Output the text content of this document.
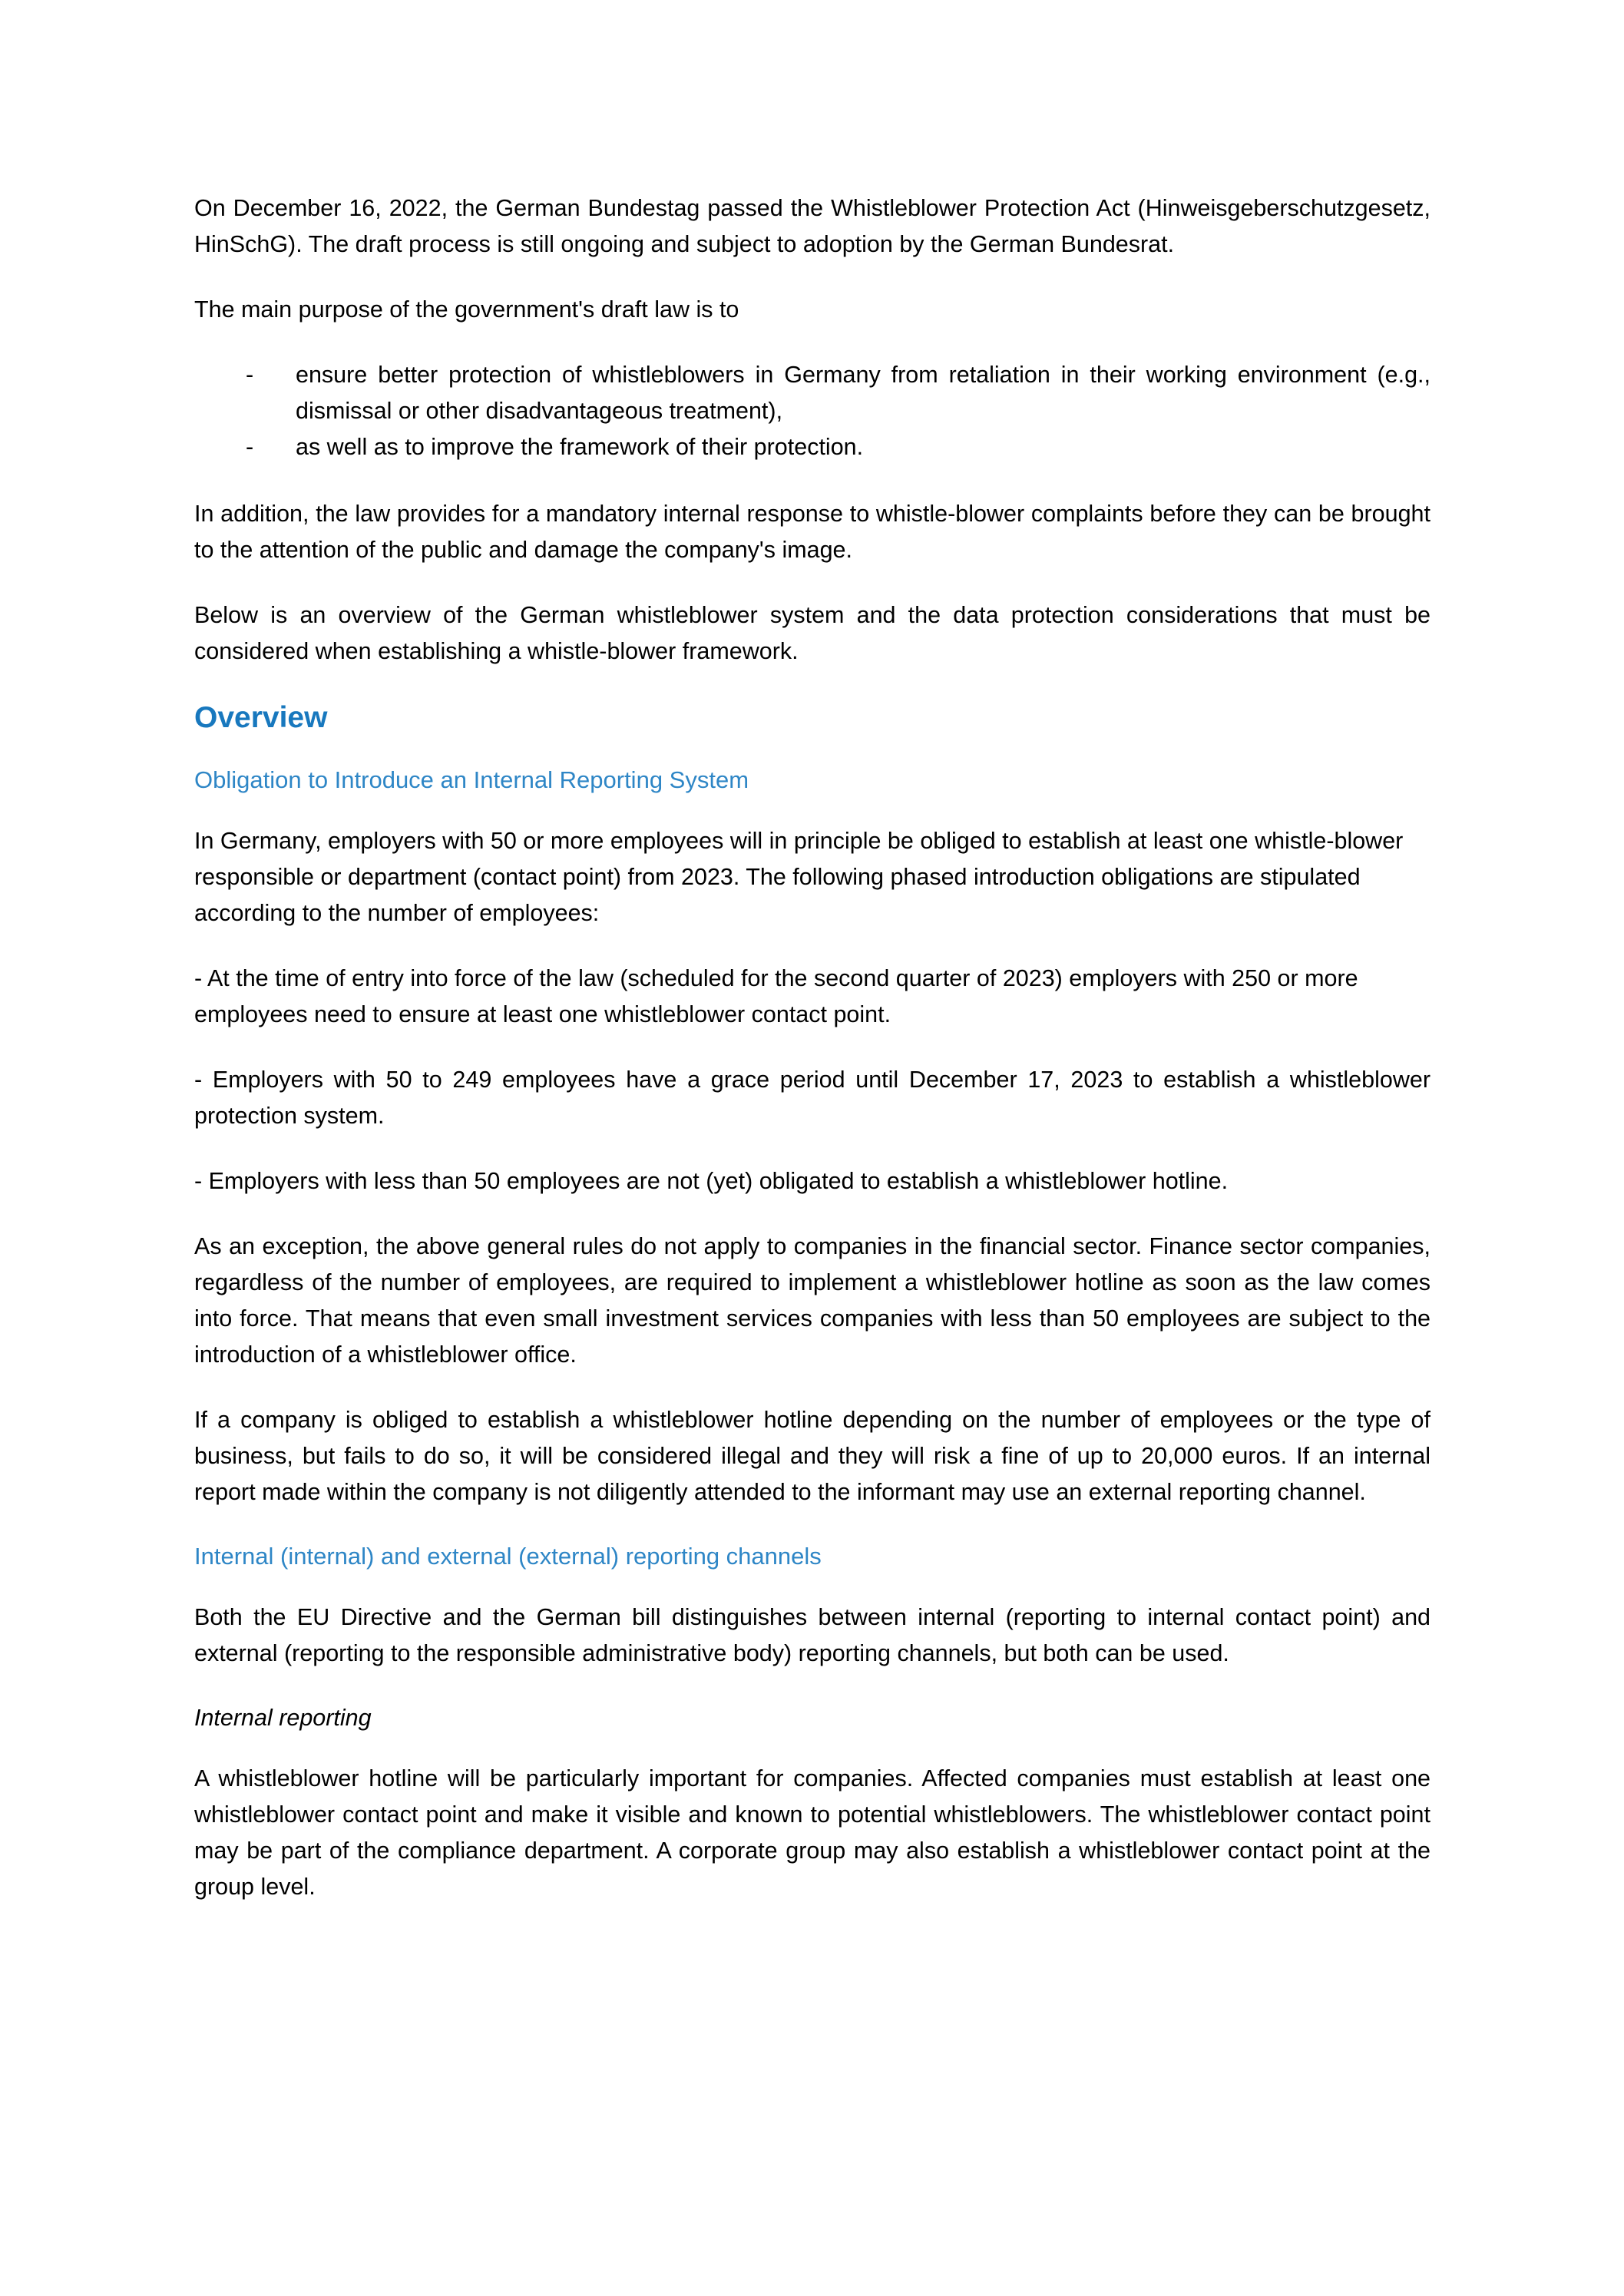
On December 16, 2022, the German Bundestag passed the Whistleblower Protection Act (Hinweisgeberschutzgesetz, HinSchG). The draft process is still ongoing and subject to adoption by the German Bundesrat.

The main purpose of the government's draft law is to

- ensure better protection of whistleblowers in Germany from retaliation in their working environment (e.g., dismissal or other disadvantageous treatment),
- as well as to improve the framework of their protection.

In addition, the law provides for a mandatory internal response to whistle-blower complaints before they can be brought to the attention of the public and damage the company's image.

Below is an overview of the German whistleblower system and the data protection considerations that must be considered when establishing a whistle-blower framework.

Overview
Obligation to Introduce an Internal Reporting System

In Germany, employers with 50 or more employees will in principle be obliged to establish at least one whistle-blower responsible or department (contact point) from 2023. The following phased introduction obligations are stipulated according to the number of employees:

- At the time of entry into force of the law (scheduled for the second quarter of 2023) employers with 250 or more employees need to ensure at least one whistleblower contact point.

- Employers with 50 to 249 employees have a grace period until December 17, 2023 to establish a whistleblower protection system.

- Employers with less than 50 employees are not (yet) obligated to establish a whistleblower hotline.

As an exception, the above general rules do not apply to companies in the financial sector. Finance sector companies, regardless of the number of employees, are required to implement a whistleblower hotline as soon as the law comes into force. That means that even small investment services companies with less than 50 employees are subject to the introduction of a whistleblower office.

If a company is obliged to establish a whistleblower hotline depending on the number of employees or the type of business, but fails to do so, it will be considered illegal and they will risk a fine of up to 20,000 euros. If an internal report made within the company is not diligently attended to the informant may use an external reporting channel.

Internal (internal) and external (external) reporting channels

Both the EU Directive and the German bill distinguishes between internal (reporting to internal contact point) and external (reporting to the responsible administrative body) reporting channels, but both can be used.

Internal reporting

A whistleblower hotline will be particularly important for companies. Affected companies must establish at least one whistleblower contact point and make it visible and known to potential whistleblowers. The whistleblower contact point may be part of the compliance department. A corporate group may also establish a whistleblower contact point at the group level.
